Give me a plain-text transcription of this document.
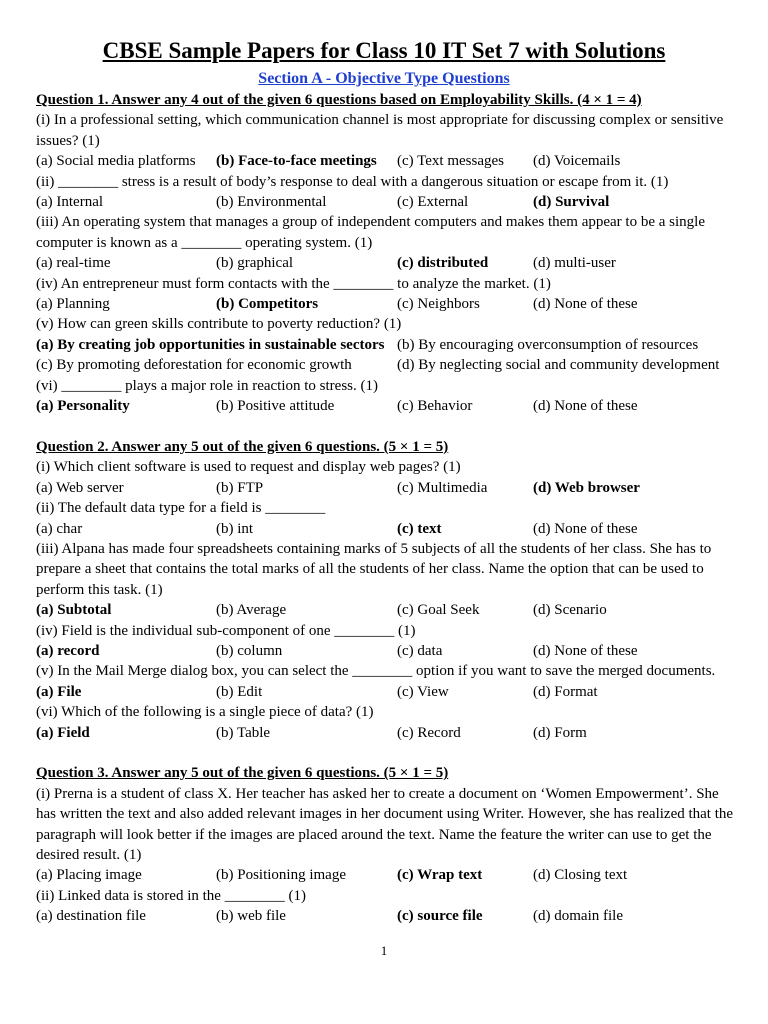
CBSE Sample Papers for Class 10 IT Set 7 with Solutions
Section A - Objective Type Questions
Question 1. Answer any 4 out of the given 6 questions based on Employability Skills. (4 × 1 = 4)
(i) In a professional setting, which communication channel is most appropriate for discussing complex or sensitive issues? (1)
(a) Social media platforms	(b) Face-to-face meetings	(c) Text messages	(d) Voicemails
(ii) ________ stress is a result of body’s response to deal with a dangerous situation or escape from it. (1)
(a) Internal	(b) Environmental	(c) External	(d) Survival
(iii) An operating system that manages a group of independent computers and makes them appear to be a single computer is known as a ________ operating system. (1)
(a) real-time	(b) graphical	(c) distributed	(d) multi-user
(iv) An entrepreneur must form contacts with the ________ to analyze the market. (1)
(a) Planning	(b) Competitors	(c) Neighbors	(d) None of these
(v) How can green skills contribute to poverty reduction? (1)
(a) By creating job opportunities in sustainable sectors (b) By encouraging overconsumption of resources
(c) By promoting deforestation for economic growth	(d) By neglecting social and community development
(vi) ________ plays a major role in reaction to stress. (1)
(a) Personality	(b) Positive attitude	(c) Behavior	(d) None of these
Question 2. Answer any 5 out of the given 6 questions. (5 × 1 = 5)
(i) Which client software is used to request and display web pages? (1)
(a) Web server	(b) FTP	(c) Multimedia	(d) Web browser
(ii) The default data type for a field is ________
(a) char	(b) int	(c) text	(d) None of these
(iii) Alpana has made four spreadsheets containing marks of 5 subjects of all the students of her class. She has to prepare a sheet that contains the total marks of all the students of her class. Name the option that can be used to perform this task. (1)
(a) Subtotal	(b) Average	(c) Goal Seek	(d) Scenario
(iv) Field is the individual sub-component of one ________ (1)
(a) record	(b) column	(c) data	(d) None of these
(v) In the Mail Merge dialog box, you can select the ________ option if you want to save the merged documents.
(a) File	(b) Edit	(c) View	(d) Format
(vi) Which of the following is a single piece of data? (1)
(a) Field	(b) Table	(c) Record	(d) Form
Question 3. Answer any 5 out of the given 6 questions. (5 × 1 = 5)
(i) Prerna is a student of class X. Her teacher has asked her to create a document on ‘Women Empowerment’. She has written the text and also added relevant images in her document using Writer. However, she has realized that the paragraph will look better if the images are placed around the text. Name the feature the writer can use to get the desired result. (1)
(a) Placing image	(b) Positioning image	(c) Wrap text	(d) Closing text
(ii) Linked data is stored in the ________ (1)
(a) destination file	(b) web file	(c) source file	(d) domain file
1
